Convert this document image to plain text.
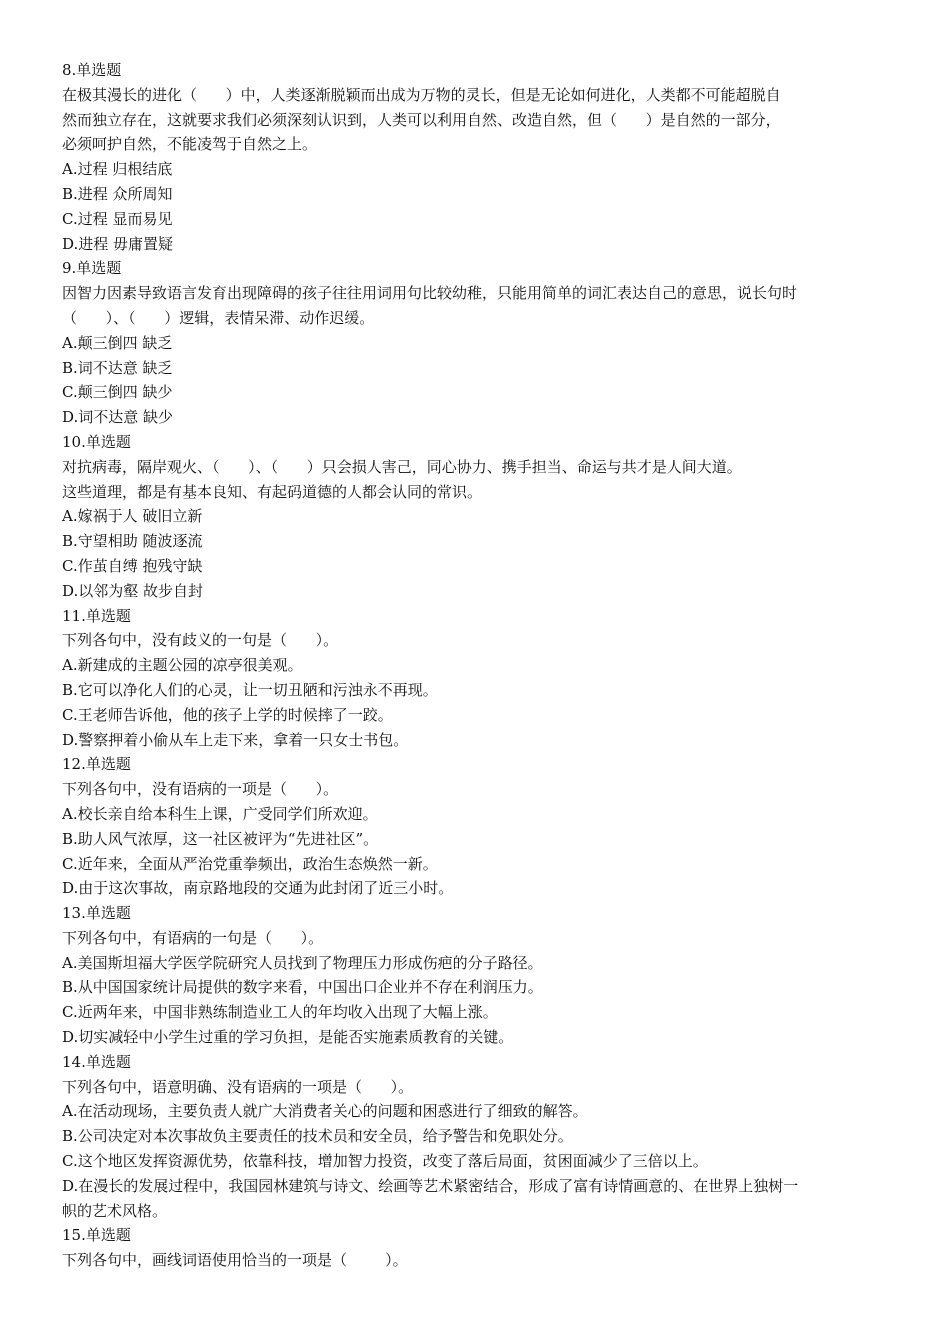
8.单选题
在极其漫长的进化（      ）中，人类逐渐脱颖而出成为万物的灵长，但是无论如何进化，人类都不可能超脱自
然而独立存在，这就要求我们必须深刻认识到，人类可以利用自然、改造自然，但（      ）是自然的一部分，
必须呵护自然，不能凌驾于自然之上。
A.过程 归根结底
B.进程 众所周知
C.过程 显而易见
D.进程 毋庸置疑
9.单选题
因智力因素导致语言发育出现障碍的孩子往往用词用句比较幼稚，只能用简单的词汇表达自己的意思，说长句时
（      ）、（      ）逻辑，表情呆滞、动作迟缓。
A.颠三倒四 缺乏
B.词不达意 缺乏
C.颠三倒四 缺少
D.词不达意 缺少
10.单选题
对抗病毒，隔岸观火、（      ）、（      ）只会损人害己，同心协力、携手担当、命运与共才是人间大道。
这些道理，都是有基本良知、有起码道德的人都会认同的常识。
A.嫁祸于人 破旧立新
B.守望相助 随波逐流
C.作茧自缚 抱残守缺
D.以邻为壑 故步自封
11.单选题
下列各句中，没有歧义的一句是（      ）。
A.新建成的主题公园的凉亭很美观。
B.它可以净化人们的心灵，让一切丑陋和污浊永不再现。
C.王老师告诉他，他的孩子上学的时候摔了一跤。
D.警察押着小偷从车上走下来，拿着一只女士书包。
12.单选题
下列各句中，没有语病的一项是（      ）。
A.校长亲自给本科生上课，广受同学们所欢迎。
B.助人风气浓厚，这一社区被评为“先进社区”。
C.近年来，全面从严治党重拳频出，政治生态焕然一新。
D.由于这次事故，南京路地段的交通为此封闭了近三小时。
13.单选题
下列各句中，有语病的一句是（      ）。
A.美国斯坦福大学医学院研究人员找到了物理压力形成伤疤的分子路径。
B.从中国国家统计局提供的数字来看，中国出口企业并不存在利润压力。
C.近两年来，中国非熟练制造业工人的年均收入出现了大幅上涨。
D.切实减轻中小学生过重的学习负担，是能否实施素质教育的关键。
14.单选题
下列各句中，语意明确、没有语病的一项是（      ）。
A.在活动现场，主要负责人就广大消费者关心的问题和困惑进行了细致的解答。
B.公司决定对本次事故负主要责任的技术员和安全员，给予警告和免职处分。
C.这个地区发挥资源优势，依靠科技，增加智力投资，改变了落后局面，贫困面减少了三倍以上。
D.在漫长的发展过程中，我国园林建筑与诗文、绘画等艺术紧密结合，形成了富有诗情画意的、在世界上独树一
帜的艺术风格。
15.单选题
下列各句中，画线词语使用恰当的一项是（        ）。
